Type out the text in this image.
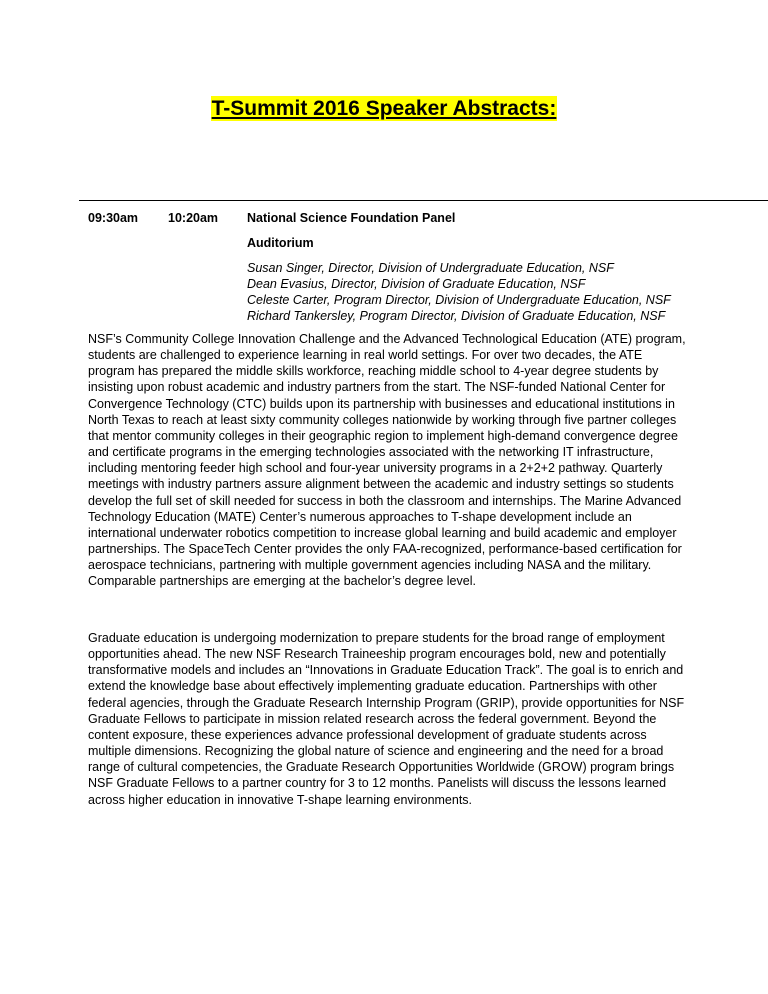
T-Summit 2016 Speaker Abstracts:
09:30am 10:20am National Science Foundation Panel
Auditorium
Susan Singer, Director, Division of Undergraduate Education, NSF
Dean Evasius, Director, Division of Graduate Education, NSF
Celeste Carter, Program Director, Division of Undergraduate Education, NSF
Richard Tankersley, Program Director, Division of Graduate Education, NSF

NSF’s Community College Innovation Challenge and the Advanced Technological Education (ATE) program, students are challenged to experience learning in real world settings. For over two decades, the ATE program has prepared the middle skills workforce, reaching middle school to 4-year degree students by insisting upon robust academic and industry partners from the start. The NSF-funded National Center for Convergence Technology (CTC) builds upon its partnership with businesses and educational institutions in North Texas to reach at least sixty community colleges nationwide by working through five partner colleges that mentor community colleges in their geographic region to implement high-demand convergence degree and certificate programs in the emerging technologies associated with the networking IT infrastructure, including mentoring feeder high school and four-year university programs in a 2+2+2 pathway. Quarterly meetings with industry partners assure alignment between the academic and industry settings so students develop the full set of skill needed for success in both the classroom and internships. The Marine Advanced Technology Education (MATE) Center’s numerous approaches to T-shape development include an international underwater robotics competition to increase global learning and build academic and employer partnerships. The SpaceTech Center provides the only FAA-recognized, performance-based certification for aerospace technicians, partnering with multiple government agencies including NASA and the military. Comparable partnerships are emerging at the bachelor’s degree level.

Graduate education is undergoing modernization to prepare students for the broad range of employment opportunities ahead. The new NSF Research Traineeship program encourages bold, new and potentially transformative models and includes an “Innovations in Graduate Education Track”. The goal is to enrich and extend the knowledge base about effectively implementing graduate education. Partnerships with other federal agencies, through the Graduate Research Internship Program (GRIP), provide opportunities for NSF Graduate Fellows to participate in mission related research across the federal government. Beyond the content exposure, these experiences advance professional development of graduate students across multiple dimensions. Recognizing the global nature of science and engineering and the need for a broad range of cultural competencies, the Graduate Research Opportunities Worldwide (GROW) program brings NSF Graduate Fellows to a partner country for 3 to 12 months. Panelists will discuss the lessons learned across higher education in innovative T-shape learning environments.
